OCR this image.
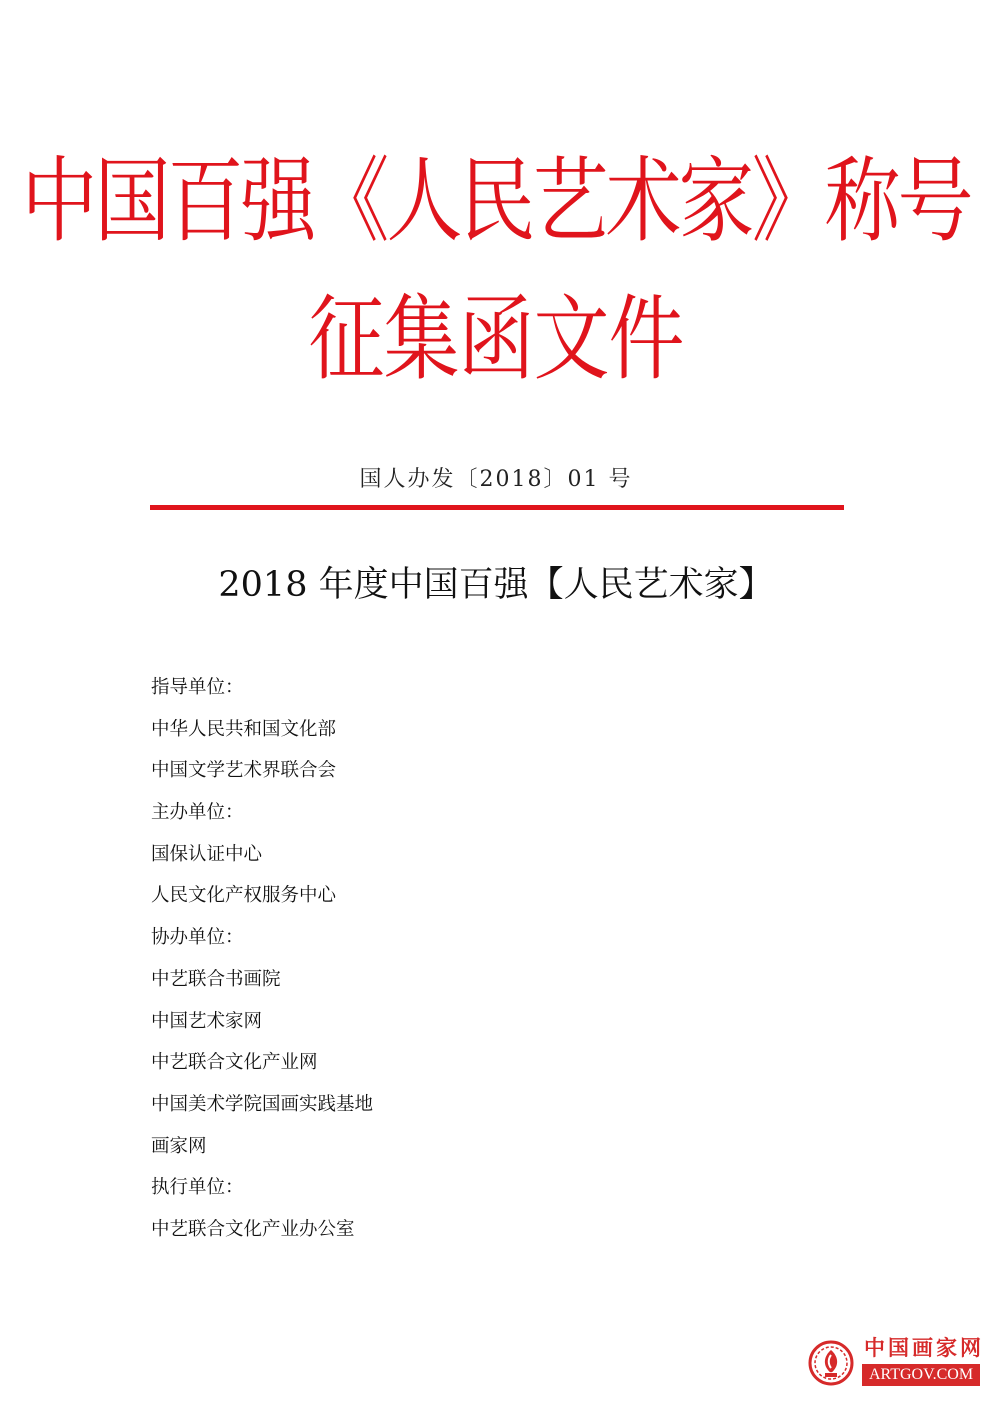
中国百强《人民艺术家》称号
征集函文件
国人办发〔2018〕01 号
2018 年度中国百强【人民艺术家】
指导单位：
中华人民共和国文化部
中国文学艺术界联合会
主办单位：
国保认证中心
人民文化产权服务中心
协办单位：
中艺联合书画院
中国艺术家网
中艺联合文化产业网
中国美术学院国画实践基地
画家网
执行单位：
中艺联合文化产业办公室
中国画家网
ARTGOV.COM
